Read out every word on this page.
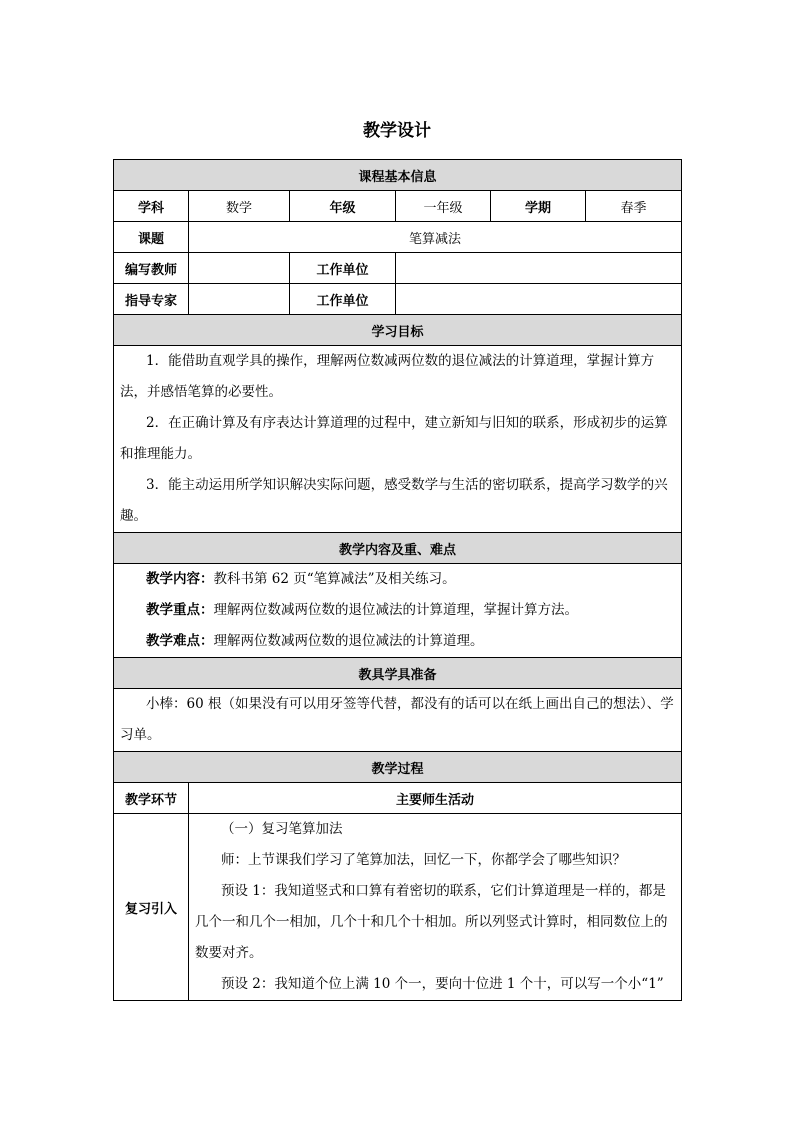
教学设计
课程基本信息					
学科	数学	年级	一年级	学期	春季
课题	笔算减法				
编写教师		工作单位			
指导专家		工作单位			
学习目标					

1．能借助直观学具的操作，理解两位数减两位数的退位减法的计算道理，掌握计算方法，并感悟笔算的必要性。

2．在正确计算及有序表达计算道理的过程中，建立新知与旧知的联系，形成初步的运算和推理能力。

3．能主动运用所学知识解决实际问题，感受数学与生活的密切联系，提高学习数学的兴趣。					

教学内容及重、难点					

教学内容：教科书第 62 页“笔算减法”及相关练习。

教学重点：理解两位数减两位数的退位减法的计算道理，掌握计算方法。

教学难点：理解两位数减两位数的退位减法的计算道理。					

教具学具准备					

小棒：60 根（如果没有可以用牙签等代替，都没有的话可以在纸上画出自己的想法）、学习单。					

教学过程					
教学环节	主要师生活动				
复习引入	（一）复习笔算加法

师：上节课我们学习了笔算加法，回忆一下，你都学会了哪些知识？

预设 1：我知道竖式和口算有着密切的联系，它们计算道理是一样的，都是几个一和几个一相加，几个十和几个十相加。所以列竖式计算时，相同数位上的数要对齐。

预设 2：我知道个位上满 10 个一，要向十位进 1 个十，可以写一个小“1”				
